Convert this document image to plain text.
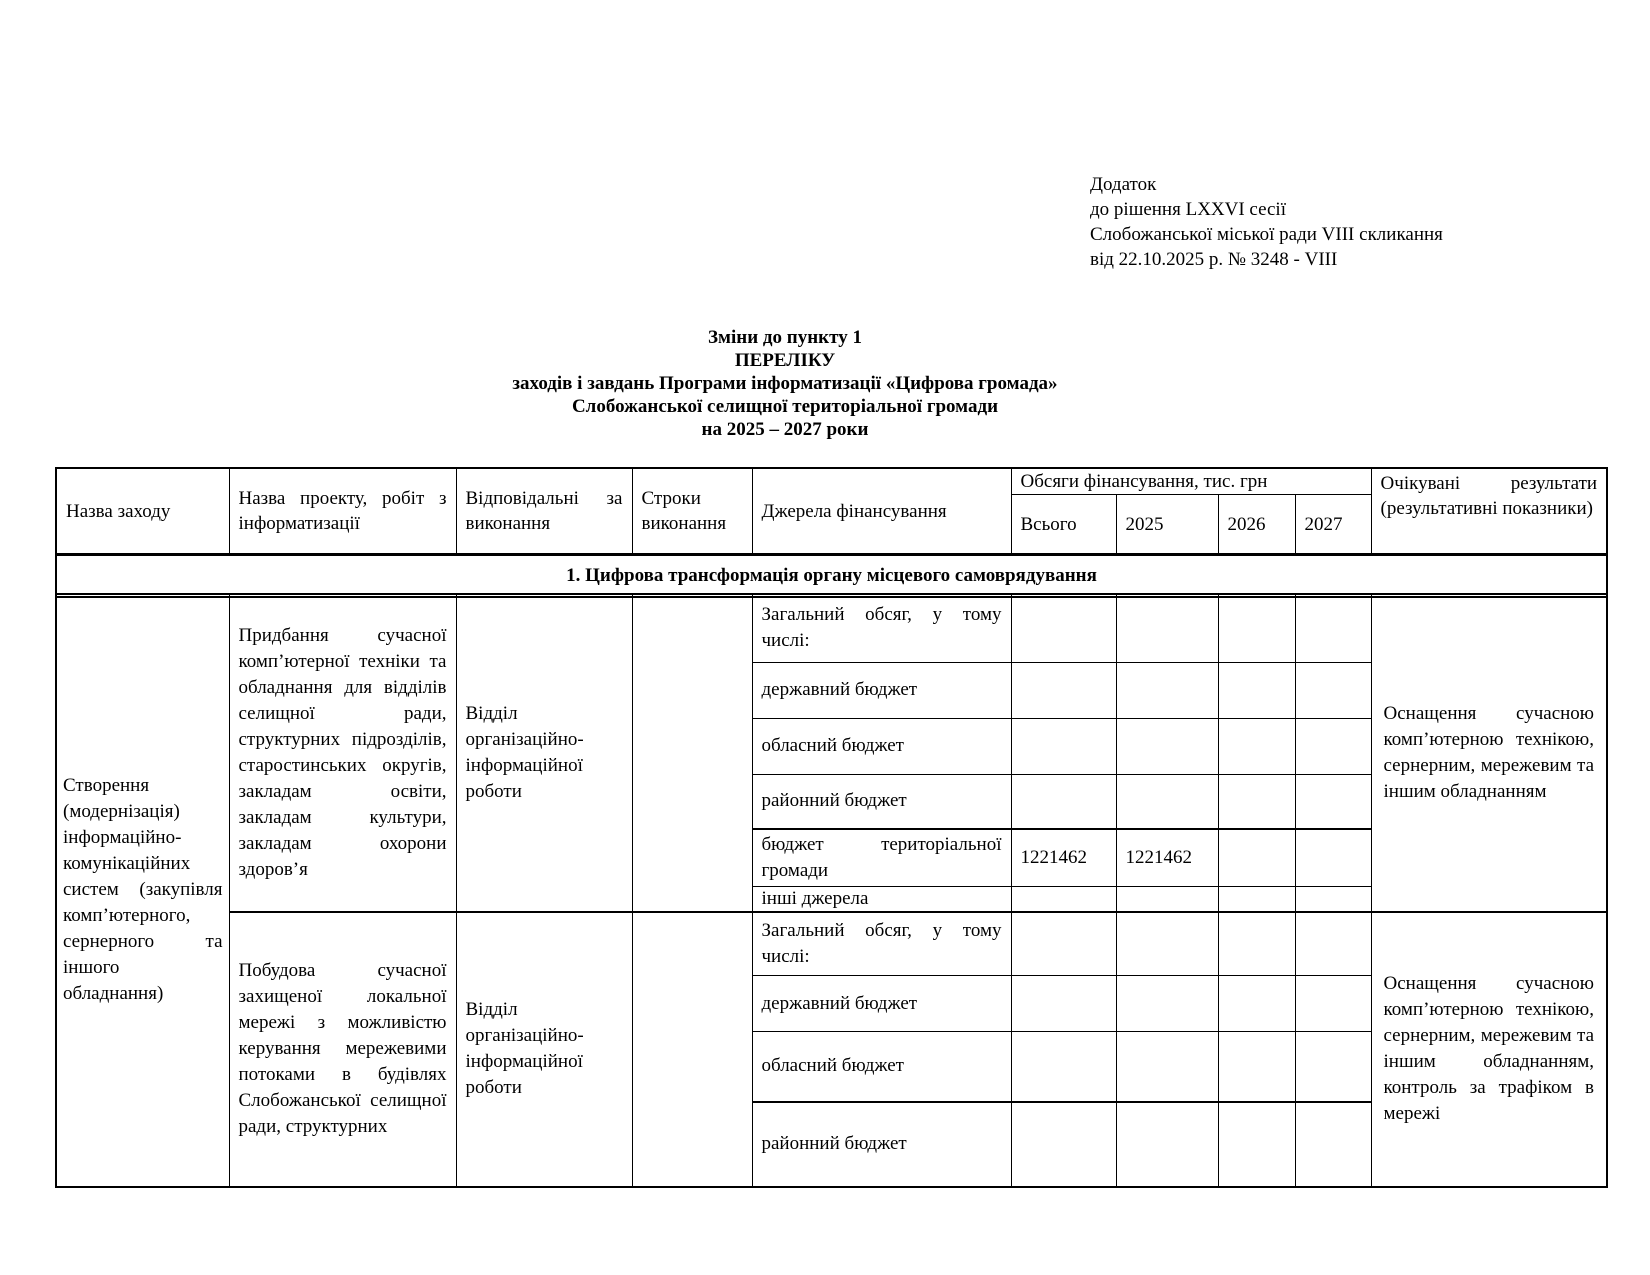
Додаток
до рішення LXXVI сесії
Слобожанської міської ради VIII скликання
від 22.10.2025 р. № 3248 - VIII
Зміни до пункту 1
ПЕРЕЛІКУ
заходів і завдань Програми інформатизації «Цифрова громада»
Слобожанської селищної територіальної громади
на 2025 – 2027 роки
Назва заходу	Назва проекту, робіт з інформатизації	Відповідальні за виконання	Строки виконання	Джерела фінансування	Обсяги фінансування, тис. грн				Очікувані результати (результативні показники)
					Всього	2025	2026	2027	
1. Цифрова трансформація органу місцевого самоврядування									
Створення (модернізація) інформаційно-комунікаційних систем (закупівля комп’ютерного, сернерного та іншого обладнання)	Придбання сучасної комп’ютерної техніки та обладнання для відділів селищної ради, структурних підрозділів, старостинських округів, закладам освіти, закладам культури, закладам охорони здоров’я	Відділ організаційно-інформаційної роботи		Загальний обсяг, у тому числі:					Оснащення сучасною комп’ютерною технікою, сернерним, мережевим та іншим обладнанням
				державний бюджет					
				обласний бюджет					
				районний бюджет					
				бюджет територіальної громади	1221462	1221462			
				інші джерела					
	Побудова сучасної захищеної локальної мережі з можливістю керування мережевими потоками в будівлях Слобожанської селищної ради, структурних	Відділ організаційно-інформаційної роботи		Загальний обсяг, у тому числі:					Оснащення сучасною комп’ютерною технікою, сернерним, мережевим та іншим обладнанням, контроль за трафіком в мережі
				державний бюджет					
				обласний бюджет					
				районний бюджет					
